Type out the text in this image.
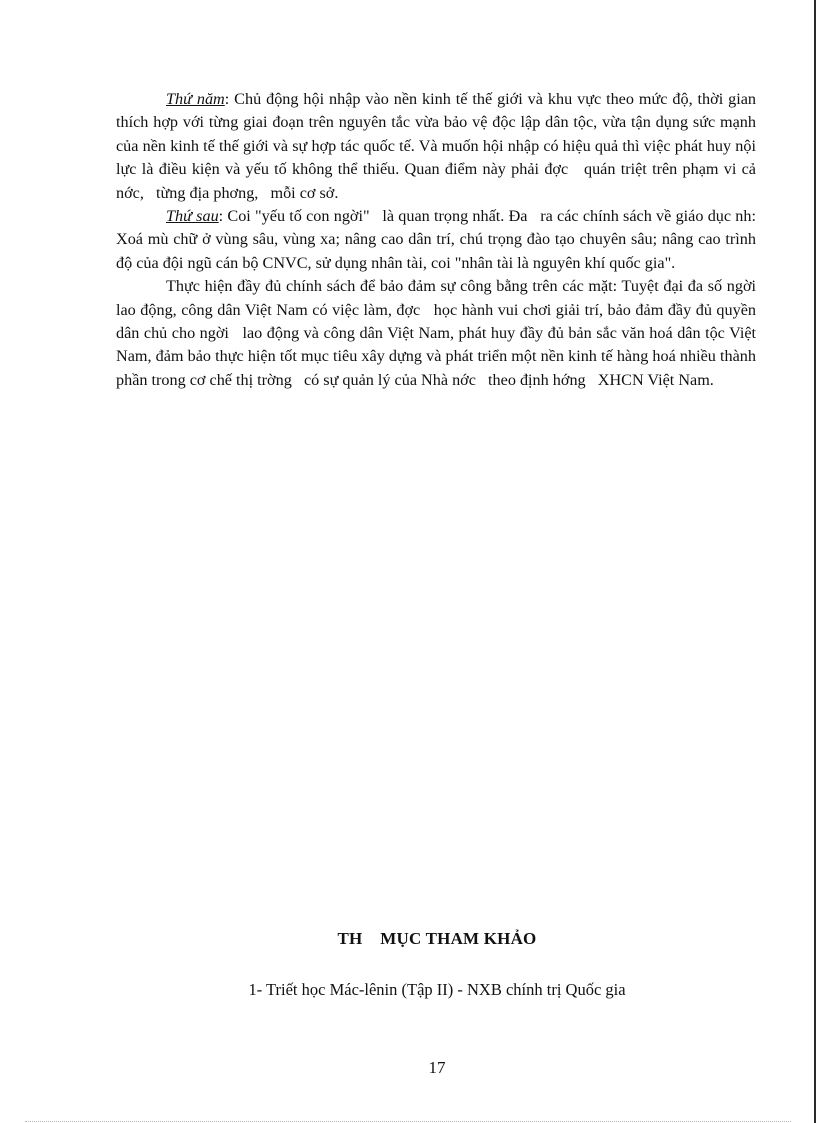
Thứ năm: Chủ động hội nhập vào nền kinh tế thế giới và khu vực theo mức độ, thời gian thích hợp với từng giai đoạn trên nguyên tắc vừa bảo vệ độc lập dân tộc, vừa tận dụng sức mạnh của nền kinh tế thế giới và sự hợp tác quốc tế. Và muốn hội nhập có hiệu quả thì việc phát huy nội lực là điều kiện và yếu tố không thể thiếu. Quan điểm này phải đợc   quán triệt trên phạm vi cả nớc,   từng địa phơng,   mỗi cơ sở.

Thứ sau: Coi "yếu tố con ngời"   là quan trọng nhất. Đa   ra các chính sách về giáo dục nh:  Xoá mù chữ ở vùng sâu, vùng xa; nâng cao dân trí, chú trọng đào tạo chuyên sâu; nâng cao trình độ của đội ngũ cán bộ CNVC, sử dụng nhân tài, coi "nhân tài là nguyên khí quốc gia".

Thực hiện đầy đủ chính sách để bảo đảm sự công bằng trên các mặt: Tuyệt đại đa số ngời   lao động, công dân Việt Nam có việc làm, đợc   học hành vui chơi giải trí, bảo đảm đầy đủ quyền dân chủ cho ngời   lao động và công dân Việt Nam, phát huy đầy đủ bản sắc văn hoá dân tộc Việt Nam, đảm bảo thực hiện tốt mục tiêu xây dựng và phát triển một nền kinh tế hàng hoá nhiều thành phần trong cơ chế thị trờng   có sự quản lý của Nhà nớc   theo định hớng   XHCN Việt Nam.

TH    MỤC THAM KHẢO
1- Triết học Mác-lênin (Tập II) - NXB chính trị Quốc gia
17
